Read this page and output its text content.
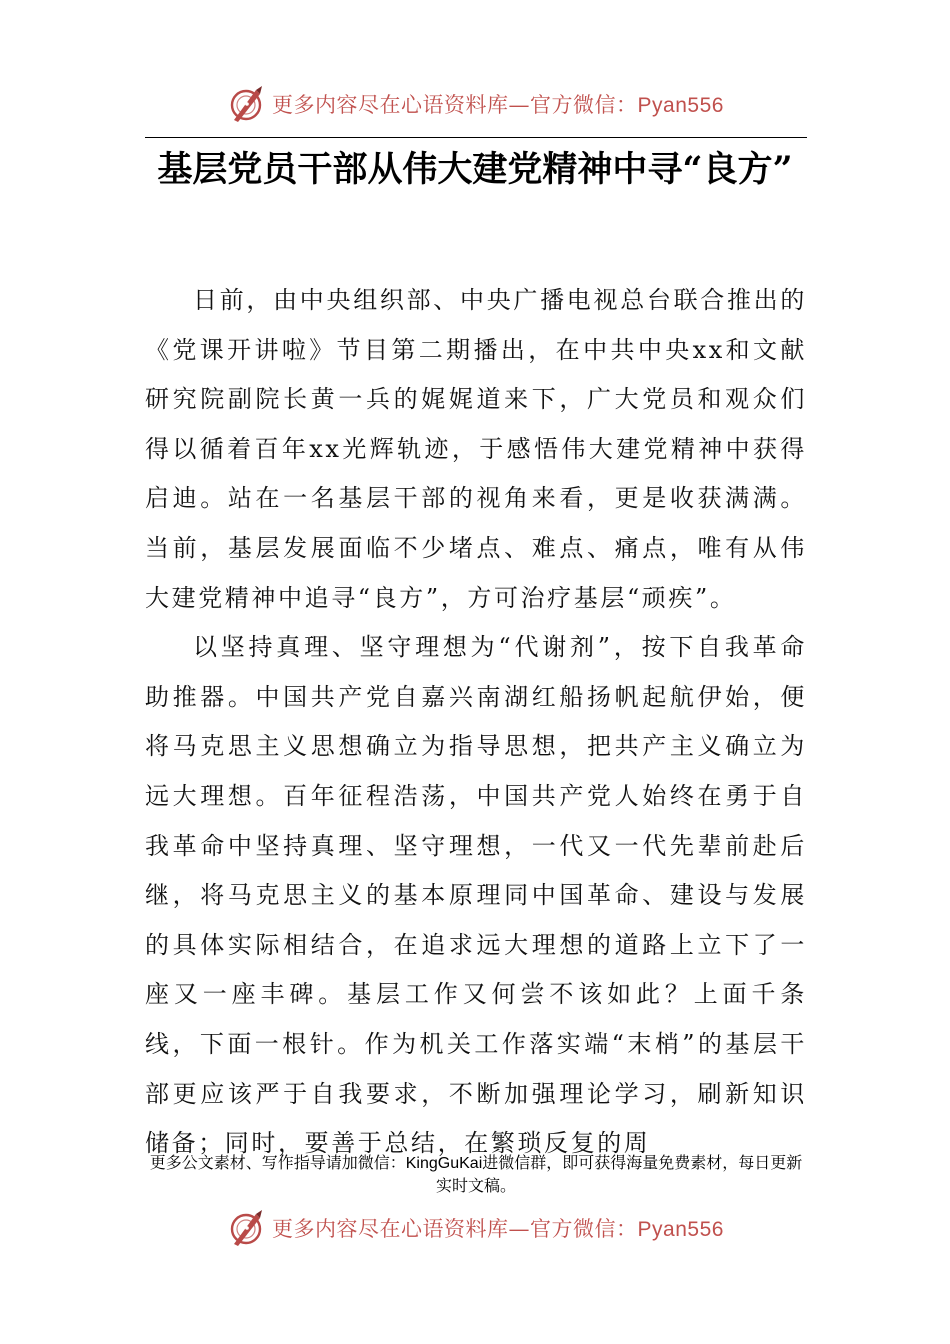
更多内容尽在心语资料库—官方微信：Pyan556
基层党员干部从伟大建党精神中寻“良方”

日前，由中央组织部、中央广播电视总台联合推出的《党课开讲啦》节目第二期播出，在中共中央xx和文献研究院副院长黄一兵的娓娓道来下，广大党员和观众们得以循着百年xx光辉轨迹，于感悟伟大建党精神中获得启迪。站在一名基层干部的视角来看，更是收获满满。当前，基层发展面临不少堵点、难点、痛点，唯有从伟大建党精神中追寻“良方”，方可治疗基层“顽疾”。

以坚持真理、坚守理想为“代谢剂”，按下自我革命助推器。中国共产党自嘉兴南湖红船扬帆起航伊始，便将马克思主义思想确立为指导思想，把共产主义确立为远大理想。百年征程浩荡，中国共产党人始终在勇于自我革命中坚持真理、坚守理想，一代又一代先辈前赴后继，将马克思主义的基本原理同中国革命、建设与发展的具体实际相结合，在追求远大理想的道路上立下了一座又一座丰碑。基层工作又何尝不该如此？上面千条线，下面一根针。作为机关工作落实端“末梢”的基层干部更应该严于自我要求，不断加强理论学习，刷新知识储备；同时，要善于总结，在繁琐反复的周

更多公文素材、写作指导请加微信：KingGuKai进微信群，即可获得海量免费素材，每日更新实时文稿。

更多内容尽在心语资料库—官方微信：Pyan556
